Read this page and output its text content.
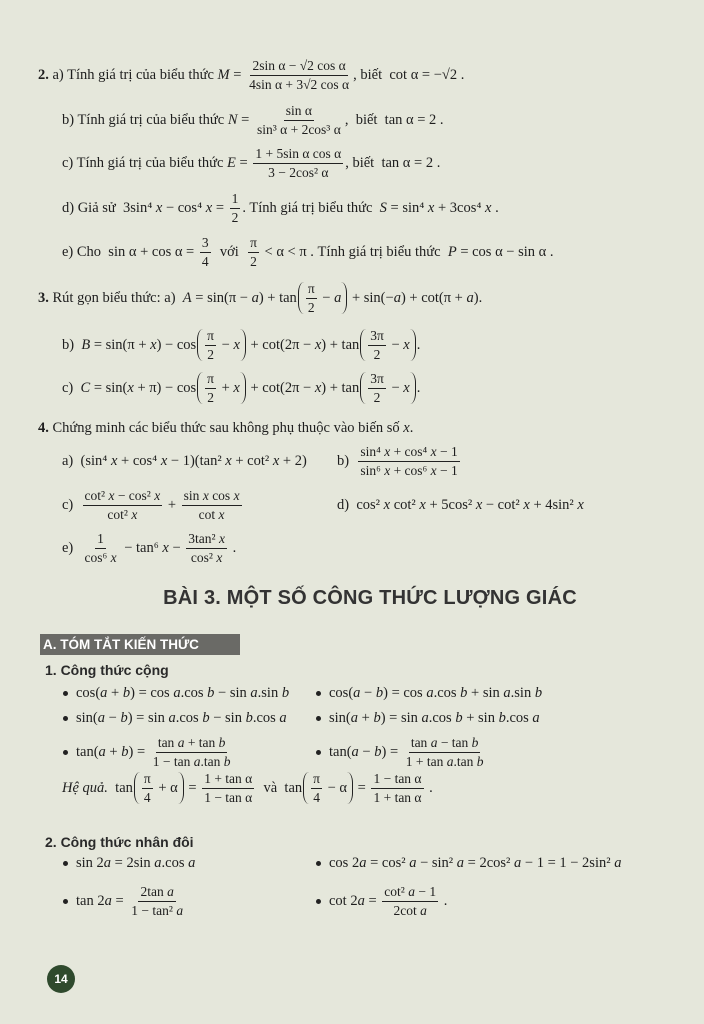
2. a) Tính giá trị của biểu thức $M = \frac{\text{2sin α − √2 cos α}}{\text{4sin α + 3√2 cos α}}$ , biết  cot α = −√2 .
b) Tính giá trị của biểu thức $N = \frac{\text{sin α}}{\text{sin³ α + 2cos³ α}}$ ,  biết  tan α = 2 .
c) Tính giá trị của biểu thức $E = \frac{\text{1 + 5sin α cos α}}{\text{3 − 2cos² α}}$ , biết  tan α = 2 .
d) Giả sử  3sin⁴ x − cos⁴ $x = \frac{1}{2}$ . Tính giá trị biểu thức S = sin⁴ x + 3cos⁴ x .
e) Cho  $\sin \alpha + \cos \alpha = \frac{3}{4}$ với $\frac{\pi}{2} < \alpha < \pi$ . Tính giá trị biểu thức P = cos α − sin α .
3. Rút gọn biểu thức: a) A = sin(π − a ) + $\tan \frac{\pi}{2} - a + \sin(- a$ ) + cot(π + a ).
b) B = sin(π + x ) − $\cos \frac{\pi}{2} - x + \cot(2\pi - x$ ) + $\tan \frac{3\pi}{2} - x$ .
c) C = sin( $x + \pi) - \cos \frac{\pi}{2} + x + \cot(2\pi - x$ ) + $\tan \frac{3\pi}{2} - x$ .
4. Chứng minh các biểu thức sau không phụ thuộc vào biến số x .
a)  (sin⁴ x + cos⁴ x − 1)(tan² x + cot² x + 2) $b) \frac{\text{sin⁴ x + cos⁴ x − 1}}{\text{sin⁶ x + cos⁶ x − 1}}$
$c) \frac{\text{cot² x − cos² x}}{\text{cot² x}} + \frac{\text{sin x cos x}}{\text{cot x}}$	d)  cos² x cot² x + 5cos² x − cot² x + 4sin² x
$e) \frac{1}{\text{cos⁶ x}} - \tan^6$ $x - \frac{\text{3tan² x}}{\text{cos² x}}$ .
BÀI 3. MỘT SỐ CÔNG THỨC LƯỢNG GIÁC
A. TÓM TẮT KIẾN THỨC
1. Công thức cộng
cos( a + b ) = cos a .cos b − sin a .sin b	cos( a − b ) = cos a .cos b + sin a .sin b
sin( a − b ) = sin a .cos b − sin b .cos a	sin( a + b ) = sin a .cos b + sin b .cos a
tan( a + b ) = $\frac{\text{tan a + tan b}}{\text{1 − tan a.tan b}}$	tan( a − b ) = $\frac{\text{tan a − tan b}}{\text{1 + tan a.tan b}}$
Hệ quả. $\tan \frac{\pi}{4} + \alpha = \frac{\text{1 + tan α}}{\text{1 − tan α}}$ và  $\tan \frac{\pi}{4} - \alpha = \frac{\text{1 − tan α}}{\text{1 + tan α}}$ .
2. Công thức nhân đôi
sin 2 a = 2sin a .cos a	cos 2 a = cos² a − sin² a = 2cos² a − 1 = 1 − 2sin² a
tan 2 $a = \frac{\text{2tan a}}{\text{1 − tan² a}}$	cot 2 $a = \frac{\text{cot² a − 1}}{\text{2cot a}}$ .
14
